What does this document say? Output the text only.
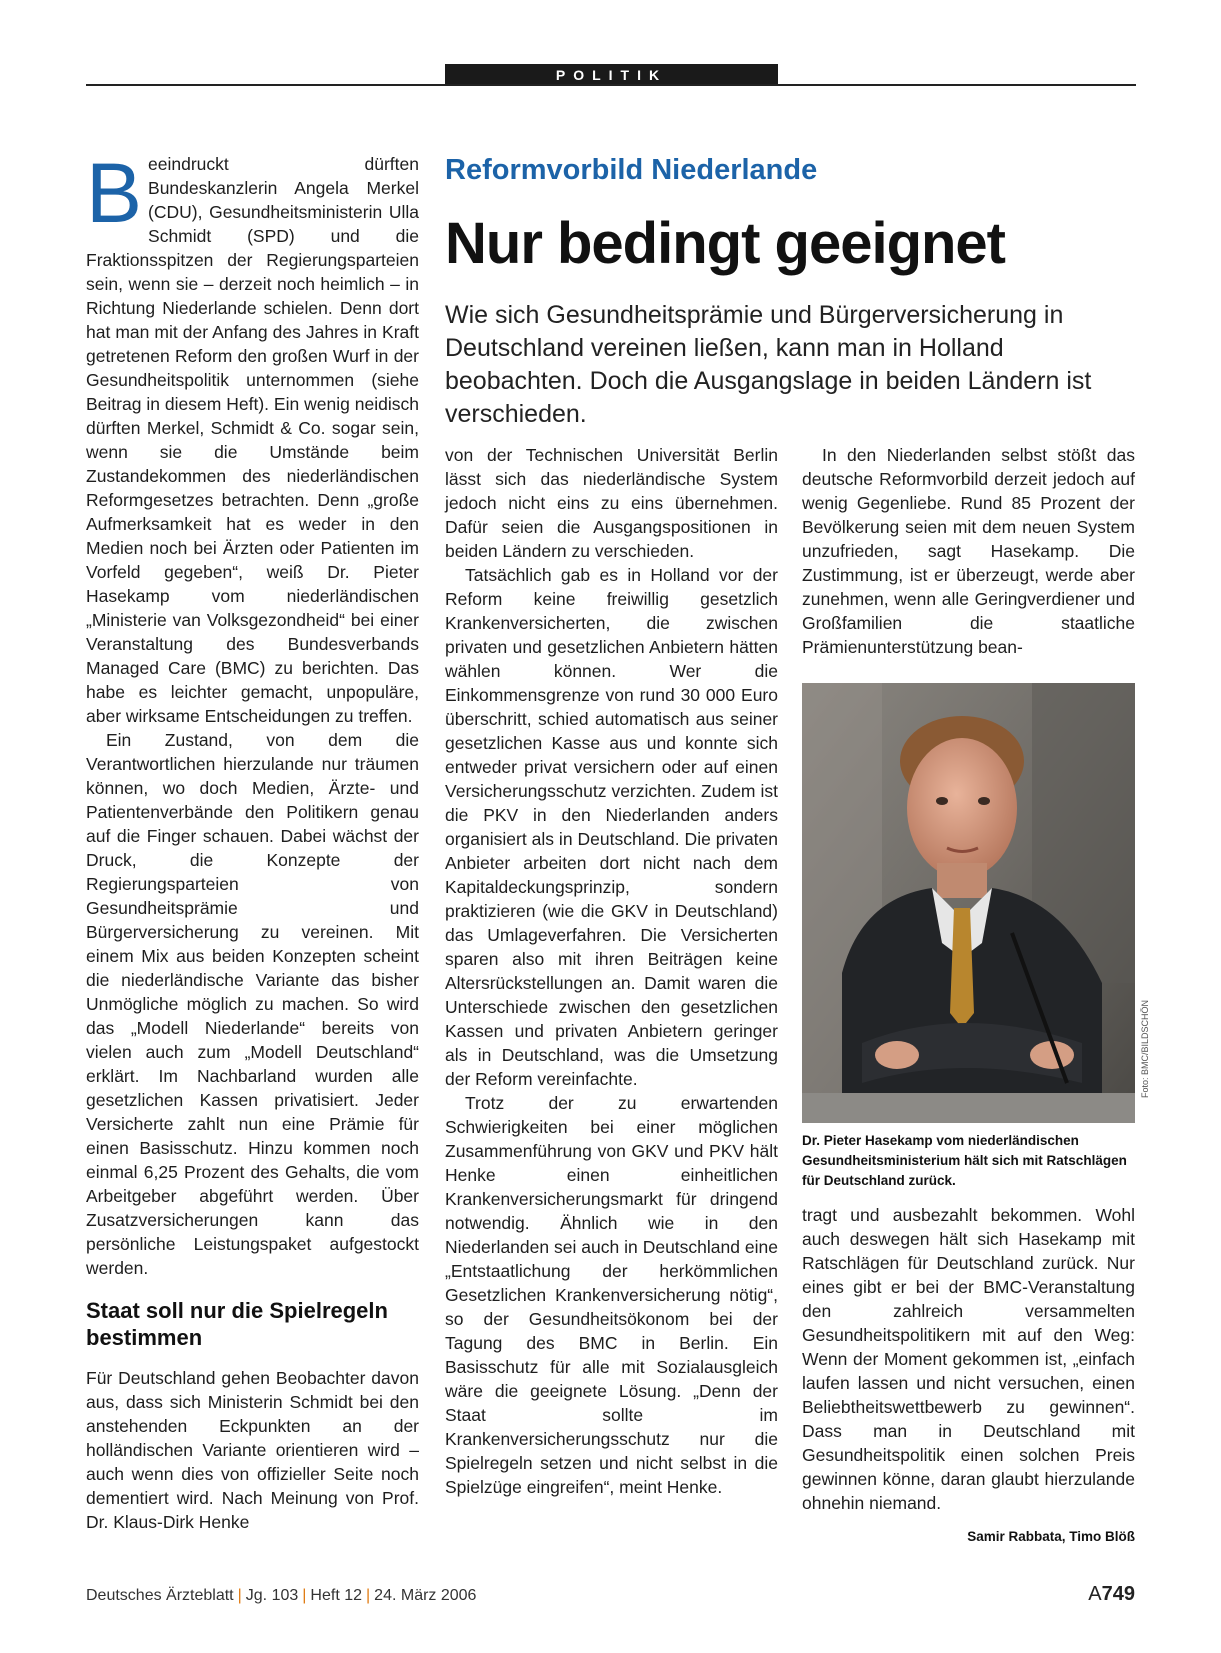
POLITIK

Beeindruckt dürften Bundeskanzlerin Angela Merkel (CDU), Gesundheitsministerin Ulla Schmidt (SPD) und die Fraktionsspitzen der Regierungsparteien sein, wenn sie – derzeit noch heimlich – in Richtung Niederlande schielen. Denn dort hat man mit der Anfang des Jahres in Kraft getretenen Reform den großen Wurf in der Gesundheitspolitik unternommen (siehe Beitrag in diesem Heft). Ein wenig neidisch dürften Merkel, Schmidt & Co. sogar sein, wenn sie die Umstände beim Zustandekommen des niederländischen Reformgesetzes betrachten. Denn „große Aufmerksamkeit hat es weder in den Medien noch bei Ärzten oder Patienten im Vorfeld gegeben“, weiß Dr. Pieter Hasekamp vom niederländischen „Ministerie van Volksgezondheid“ bei einer Veranstaltung des Bundesverbands Managed Care (BMC) zu berichten. Das habe es leichter gemacht, unpopuläre, aber wirksame Entscheidungen zu treffen.

Ein Zustand, von dem die Verantwortlichen hierzulande nur träumen können, wo doch Medien, Ärzte- und Patientenverbände den Politikern genau auf die Finger schauen. Dabei wächst der Druck, die Konzepte der Regierungsparteien von Gesundheitsprämie und Bürgerversicherung zu vereinen. Mit einem Mix aus beiden Konzepten scheint die niederländische Variante das bisher Unmögliche möglich zu machen. So wird das „Modell Niederlande“ bereits von vielen auch zum „Modell Deutschland“ erklärt. Im Nachbarland wurden alle gesetzlichen Kassen privatisiert. Jeder Versicherte zahlt nun eine Prämie für einen Basisschutz. Hinzu kommen noch einmal 6,25 Prozent des Gehalts, die vom Arbeitgeber abgeführt werden. Über Zusatzversicherungen kann das persönliche Leistungspaket aufgestockt werden.

Staat soll nur die Spielregeln bestimmen

Für Deutschland gehen Beobachter davon aus, dass sich Ministerin Schmidt bei den anstehenden Eckpunkten an der holländischen Variante orientieren wird – auch wenn dies von offizieller Seite noch dementiert wird. Nach Meinung von Prof. Dr. Klaus-Dirk Henke

Reformvorbild Niederlande
Nur bedingt geeignet
Wie sich Gesundheitsprämie und Bürgerversicherung in Deutschland vereinen ließen, kann man in Holland beobachten. Doch die Ausgangslage in beiden Ländern ist verschieden.

von der Technischen Universität Berlin lässt sich das niederländische System jedoch nicht eins zu eins übernehmen. Dafür seien die Ausgangspositionen in beiden Ländern zu verschieden.

Tatsächlich gab es in Holland vor der Reform keine freiwillig gesetzlich Krankenversicherten, die zwischen privaten und gesetzlichen Anbietern hätten wählen können. Wer die Einkommensgrenze von rund 30 000 Euro überschritt, schied automatisch aus seiner gesetzlichen Kasse aus und konnte sich entweder privat versichern oder auf einen Versicherungsschutz verzichten. Zudem ist die PKV in den Niederlanden anders organisiert als in Deutschland. Die privaten Anbieter arbeiten dort nicht nach dem Kapitaldeckungsprinzip, sondern praktizieren (wie die GKV in Deutschland) das Umlageverfahren. Die Versicherten sparen also mit ihren Beiträgen keine Altersrückstellungen an. Damit waren die Unterschiede zwischen den gesetzlichen Kassen und privaten Anbietern geringer als in Deutschland, was die Umsetzung der Reform vereinfachte.

Trotz der zu erwartenden Schwierigkeiten bei einer möglichen Zusammenführung von GKV und PKV hält Henke einen einheitlichen Krankenversicherungsmarkt für dringend notwendig. Ähnlich wie in den Niederlanden sei auch in Deutschland eine „Entstaatlichung der herkömmlichen Gesetzlichen Krankenversicherung nötig“, so der Gesundheitsökonom bei der Tagung des BMC in Berlin. Ein Basisschutz für alle mit Sozialausgleich wäre die geeignete Lösung. „Denn der Staat sollte im Krankenversicherungsschutz nur die Spielregeln setzen und nicht selbst in die Spielzüge eingreifen“, meint Henke.

In den Niederlanden selbst stößt das deutsche Reformvorbild derzeit jedoch auf wenig Gegenliebe. Rund 85 Prozent der Bevölkerung seien mit dem neuen System unzufrieden, sagt Hasekamp. Die Zustimmung, ist er überzeugt, werde aber zunehmen, wenn alle Geringverdiener und Großfamilien die staatliche Prämienunterstützung bean-

Foto: BMC/BILDSCHÖN
Dr. Pieter Hasekamp vom niederländischen Gesundheitsministerium hält sich mit Ratschlägen für Deutschland zurück.

tragt und ausbezahlt bekommen. Wohl auch deswegen hält sich Hasekamp mit Ratschlägen für Deutschland zurück. Nur eines gibt er bei der BMC-Veranstaltung den zahlreich versammelten Gesundheitspolitikern mit auf den Weg: Wenn der Moment gekommen ist, „einfach laufen lassen und nicht versuchen, einen Beliebtheitswettbewerb zu gewinnen“. Dass man in Deutschland mit Gesundheitspolitik einen solchen Preis gewinnen könne, daran glaubt hierzulande ohnehin niemand.

Samir Rabbata, Timo Blöß
Deutsches Ärzteblatt | Jg. 103 | Heft 12 | 24. März 2006	A749
